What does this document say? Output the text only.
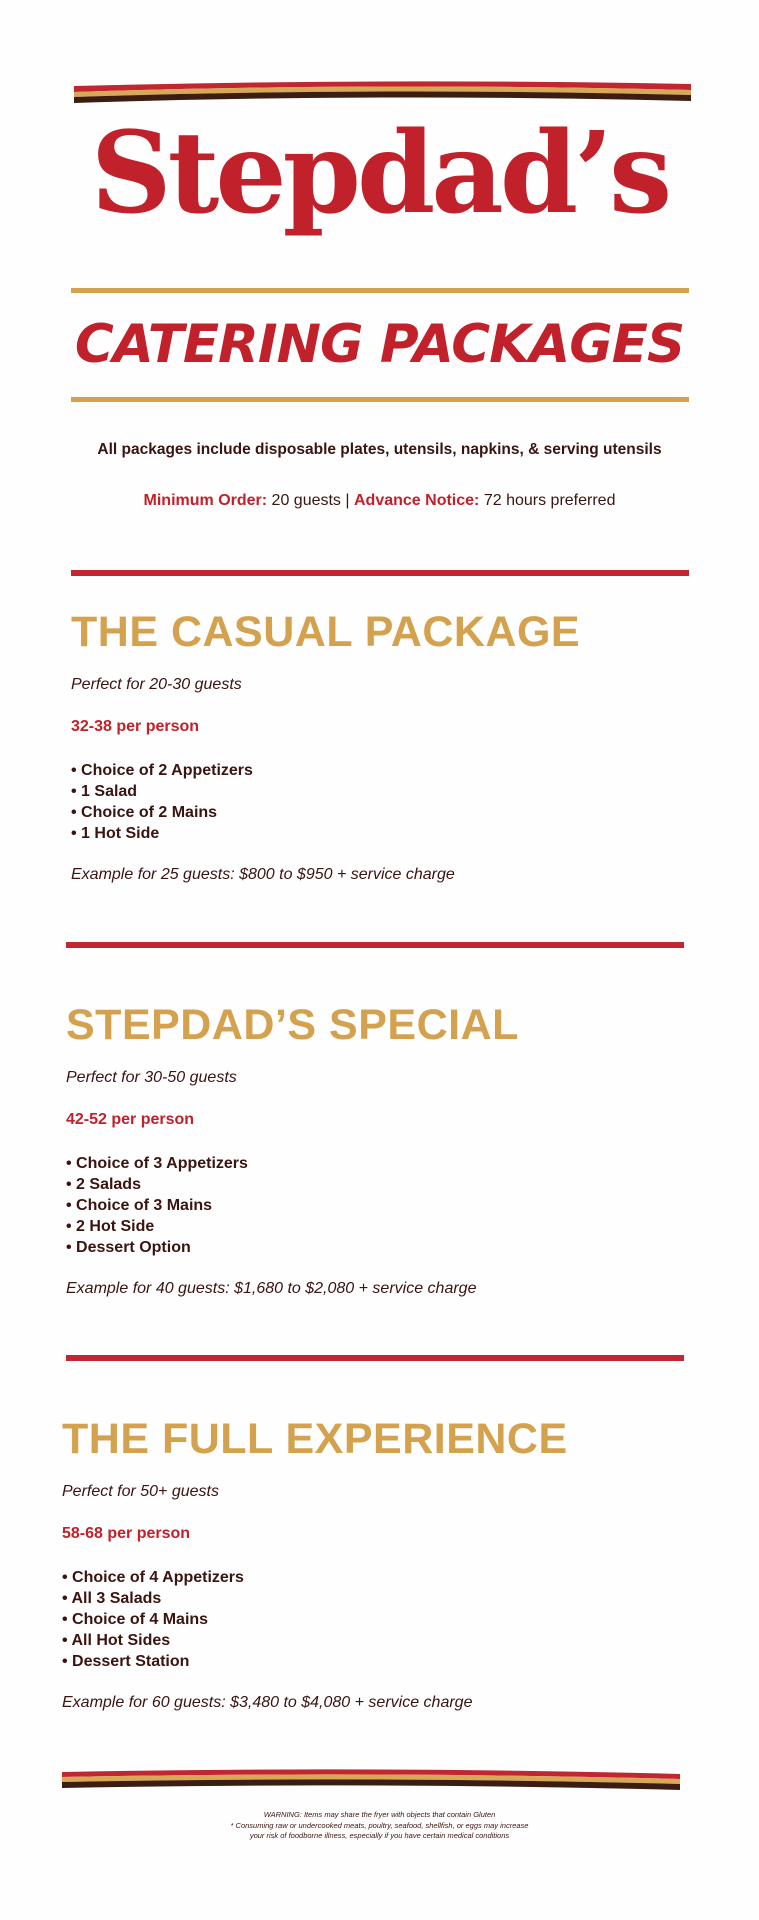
Stepdad’s
CATERING PACKAGES
All packages include disposable plates, utensils, napkins, & serving utensils
Minimum Order: 20 guests | Advance Notice: 72 hours preferred
THE CASUAL PACKAGE
Perfect for 20-30 guests
32-38 per person
• Choice of 2 Appetizers
• 1 Salad
• Choice of 2 Mains
• 1 Hot Side
Example for 25 guests: $800 to $950 + service charge
STEPDAD’S SPECIAL
Perfect for 30-50 guests
42-52 per person
• Choice of 3 Appetizers
• 2 Salads
• Choice of 3 Mains
• 2 Hot Side
• Dessert Option
Example for 40 guests: $1,680 to $2,080 + service charge
THE FULL EXPERIENCE
Perfect for 50+ guests
58-68 per person
• Choice of 4 Appetizers
• All 3 Salads
• Choice of 4 Mains
• All Hot Sides
• Dessert Station
Example for 60 guests: $3,480 to $4,080 + service charge
WARNING: Items may share the fryer with objects that contain Gluten
* Consuming raw or undercooked meats, poultry, seafood, shellfish, or eggs may increase
your risk of foodborne illness, especially if you have certain medical conditions
